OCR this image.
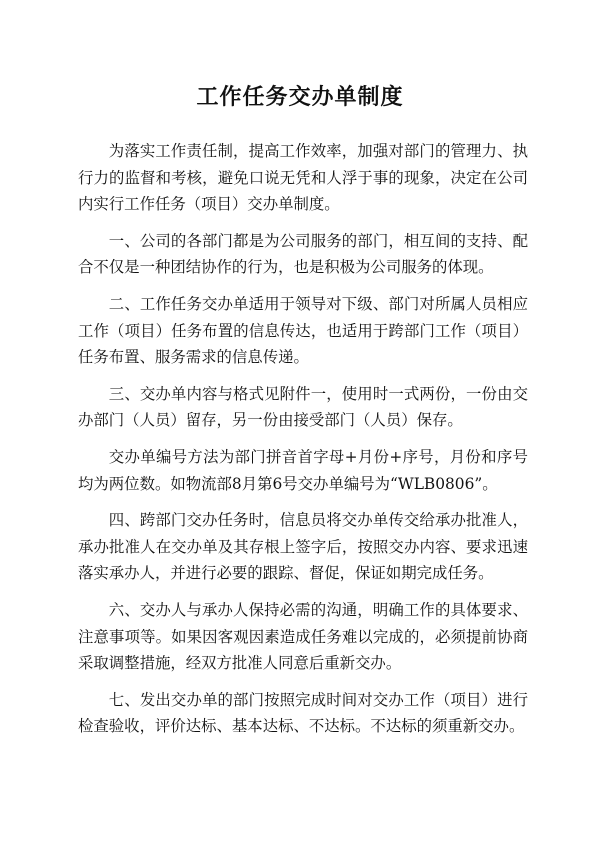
工作任务交办单制度

为落实工作责任制，提高工作效率，加强对部门的管理力、执行力的监督和考核，避免口说无凭和人浮于事的现象，决定在公司内实行工作任务（项目）交办单制度。

一、公司的各部门都是为公司服务的部门，相互间的支持、配合不仅是一种团结协作的行为，也是积极为公司服务的体现。

二、工作任务交办单适用于领导对下级、部门对所属人员相应工作（项目）任务布置的信息传达，也适用于跨部门工作（项目）任务布置、服务需求的信息传递。

三、交办单内容与格式见附件一，使用时一式两份，一份由交办部门（人员）留存，另一份由接受部门（人员）保存。

交办单编号方法为部门拼音首字母+月份+序号，月份和序号均为两位数。如物流部8月第6号交办单编号为“WLB0806”。

四、跨部门交办任务时，信息员将交办单传交给承办批准人，承办批准人在交办单及其存根上签字后，按照交办内容、要求迅速落实承办人，并进行必要的跟踪、督促，保证如期完成任务。

六、交办人与承办人保持必需的沟通，明确工作的具体要求、注意事项等。如果因客观因素造成任务难以完成的，必须提前协商采取调整措施，经双方批准人同意后重新交办。

七、发出交办单的部门按照完成时间对交办工作（项目）进行检查验收，评价达标、基本达标、不达标。不达标的须重新交办。
